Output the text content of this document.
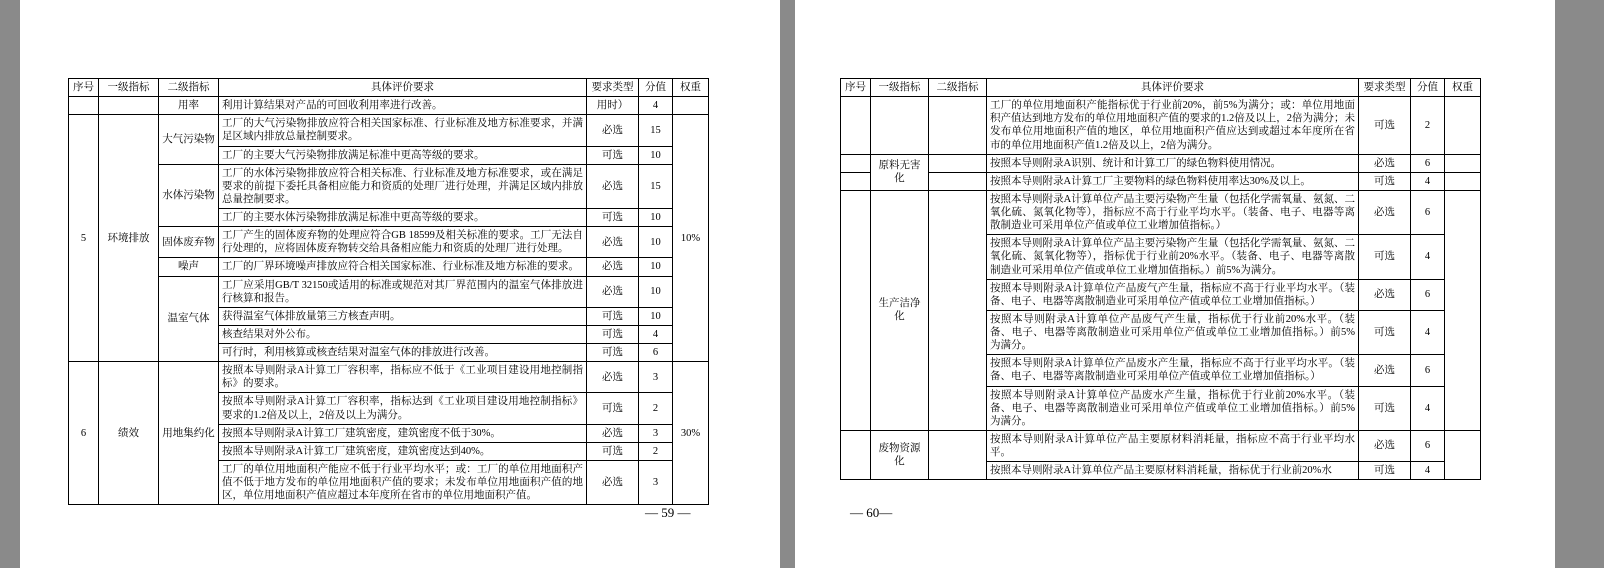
序号	一级指标	二级指标	具体评价要求	要求类型	分值	权重
		用率	利用计算结果对产品的可回收利用率进行改善。	用时）	4	
5	环境排放	大气污染物	工厂的大气污染物排放应符合相关国家标准、行业标准及地方标准要求，并满足区域内排放总量控制要求。	必选	15	10%
			工厂的主要大气污染物排放满足标准中更高等级的要求。	可选	10	
		水体污染物	工厂的水体污染物排放应符合相关标准、行业标准及地方标准要求，或在满足要求的前提下委托具备相应能力和资质的处理厂进行处理，并满足区域内排放总量控制要求。	必选	15	
			工厂的主要水体污染物排放满足标准中更高等级的要求。	可选	10	
		固体废弃物	工厂产生的固体废弃物的处理应符合GB 18599及相关标准的要求。工厂无法自行处理的，应将固体废弃物转交给具备相应能力和资质的处理厂进行处理。	必选	10	
		噪声	工厂的厂界环境噪声排放应符合相关国家标准、行业标准及地方标准的要求。	必选	10	
		温室气体	工厂应采用GB/T 32150或适用的标准或规范对其厂界范围内的温室气体排放进行核算和报告。	必选	10	
			获得温室气体排放量第三方核查声明。	可选	10	
			核查结果对外公布。	可选	4	
			可行时，利用核算或核查结果对温室气体的排放进行改善。	可选	6	
6	绩效	用地集约化	按照本导则附录A计算工厂容积率，指标应不低于《工业项目建设用地控制指标》的要求。	必选	3	30%
			按照本导则附录A计算工厂容积率，指标达到《工业项目建设用地控制指标》要求的1.2倍及以上，2倍及以上为满分。	可选	2	
			按照本导则附录A计算工厂建筑密度，建筑密度不低于30%。	必选	3	
			按照本导则附录A计算工厂建筑密度，建筑密度达到40%。	可选	2	
			工厂的单位用地面积产能应不低于行业平均水平；或：工厂的单位用地面积产值不低于地方发布的单位用地面积产值的要求；未发布单位用地面积产值的地区，单位用地面积产值应超过本年度所在省市的单位用地面积产值。	必选	3	
— 59 —
序号	一级指标	二级指标	具体评价要求	要求类型	分值	权重
			工厂的单位用地面积产能指标优于行业前20%，前5%为满分；或：单位用地面积产值达到地方发布的单位用地面积产值的要求的1.2倍及以上，2倍为满分；未发布单位用地面积产值的地区，单位用地面积产值应达到或超过本年度所在省市的单位用地面积产值1.2倍及以上，2倍为满分。	可选	2	
	原料无害化		按照本导则附录A识别、统计和计算工厂的绿色物料使用情况。	必选	6	
			按照本导则附录A计算工厂主要物料的绿色物料使用率达30%及以上。	可选	4	
	生产洁净化		按照本导则附录A计算单位产品主要污染物产生量（包括化学需氧量、氨氮、二氧化硫、氮氧化物等），指标应不高于行业平均水平。（装备、电子、电器等离散制造业可采用单位产值或单位工业增加值指标。）	必选	6	
			按照本导则附录A计算单位产品主要污染物产生量（包括化学需氧量、氨氮、二氧化硫、氮氧化物等），指标优于行业前20%水平。（装备、电子、电器等离散制造业可采用单位产值或单位工业增加值指标。）前5%为满分。	可选	4	
			按照本导则附录A计算单位产品废气产生量，指标应不高于行业平均水平。（装备、电子、电器等离散制造业可采用单位产值或单位工业增加值指标。）	必选	6	
			按照本导则附录A计算单位产品废气产生量，指标优于行业前20%水平。（装备、电子、电器等离散制造业可采用单位产值或单位工业增加值指标。）前5%为满分。	可选	4	
			按照本导则附录A计算单位产品废水产生量，指标应不高于行业平均水平。（装备、电子、电器等离散制造业可采用单位产值或单位工业增加值指标。）	必选	6	
			按照本导则附录A计算单位产品废水产生量，指标优于行业前20%水平。（装备、电子、电器等离散制造业可采用单位产值或单位工业增加值指标。）前5%为满分。	可选	4	
	废物资源化		按照本导则附录A计算单位产品主要原材料消耗量，指标应不高于行业平均水平。	必选	6	
			按照本导则附录A计算单位产品主要原材料消耗量，指标优于行业前20%水	可选	4	
— 60—
